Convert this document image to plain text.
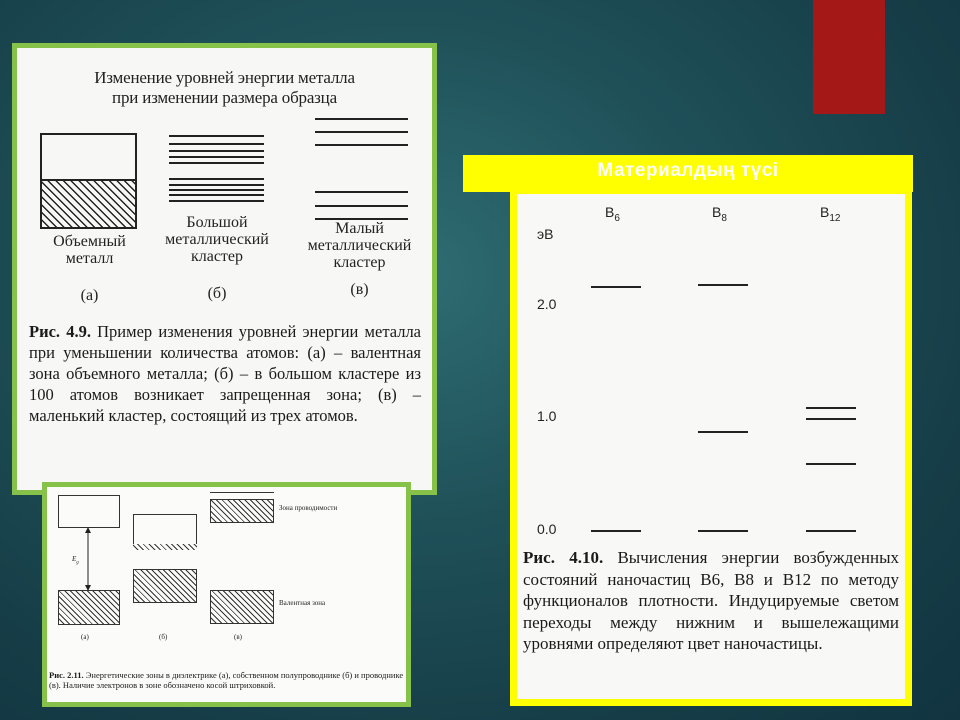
Изменение уровней энергии металла
при изменении размера образца
Объемный
металл
(а)
Большой
металлический
кластер
(б)
Малый
металлический
кластер
(в)
Рис. 4.9. Пример изменения уровней энергии металла при уменьшении количества атомов: (а) – валентная зона объемного металла; (б) – в большом кластере из 100 атомов возникает запрещенная зона; (в) – маленький кластер, состоящий из трех атомов.
$E_g$
Зона проводимости
Валентная зона
(а)	(б)	(в)
Рис. 2.11. Энергетические зоны в диэлектрике (а), собственном полупроводнике (б) и проводнике (в). Наличие электронов в зоне обозначено косой штриховкой.
Материалдың түсі
эВ
$B_6$	$B_8$	$B_{12}$
2.0
1.0
0.0
Рис. 4.10. Вычисления энергии возбужденных состояний наночастиц B6, B8 и B12 по методу функционалов плотности. Индуцируемые светом переходы между нижним и вышележащими уровнями определяют цвет наночастицы.
